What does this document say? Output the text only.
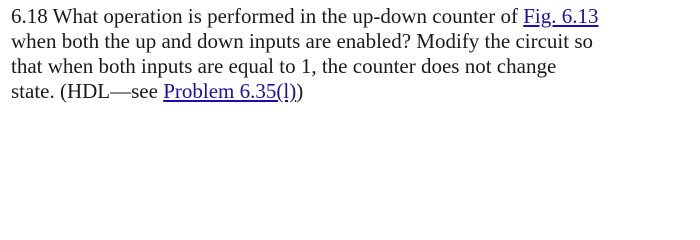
6.18 What operation is performed in the up-down counter of Fig. 6.13
when both the up and down inputs are enabled? Modify the circuit so
that when both inputs are equal to 1, the counter does not change
state. (HDL—see Problem 6.35(l))
